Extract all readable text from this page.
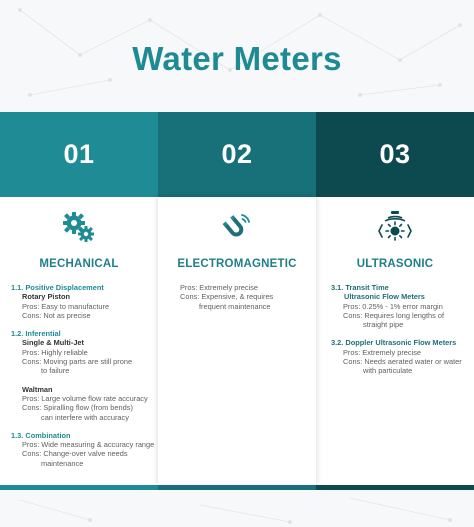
Water Meters
01	02	03
MECHANICAL
1.1. Positive Displacement
Rotary Piston
Pros: Easy to manufacture
Cons: Not as precise
1.2. Inferential
Single & Multi-Jet
Pros: Highly reliable
Cons: Moving parts are still prone
to failure
Waltman
Pros: Large volume flow rate accuracy
Cons: Spiralling flow (from bends)
can interfere with accuracy
1.3. Combination
Pros: Wide measuring & accuracy range
Cons: Change-over valve needs
maintenance
ELECTROMAGNETIC
Pros: Extremely precise
Cons: Expensive, & requires
frequent maintenance
ULTRASONIC
3.1. Transit Time
Ultrasonic Flow Meters
Pros: 0.25% - 1% error margin
Cons: Requires long lengths of
straight pipe
3.2. Doppler Ultrasonic Flow Meters
Pros: Extremely precise
Cons: Needs aerated water or water
with particulate
